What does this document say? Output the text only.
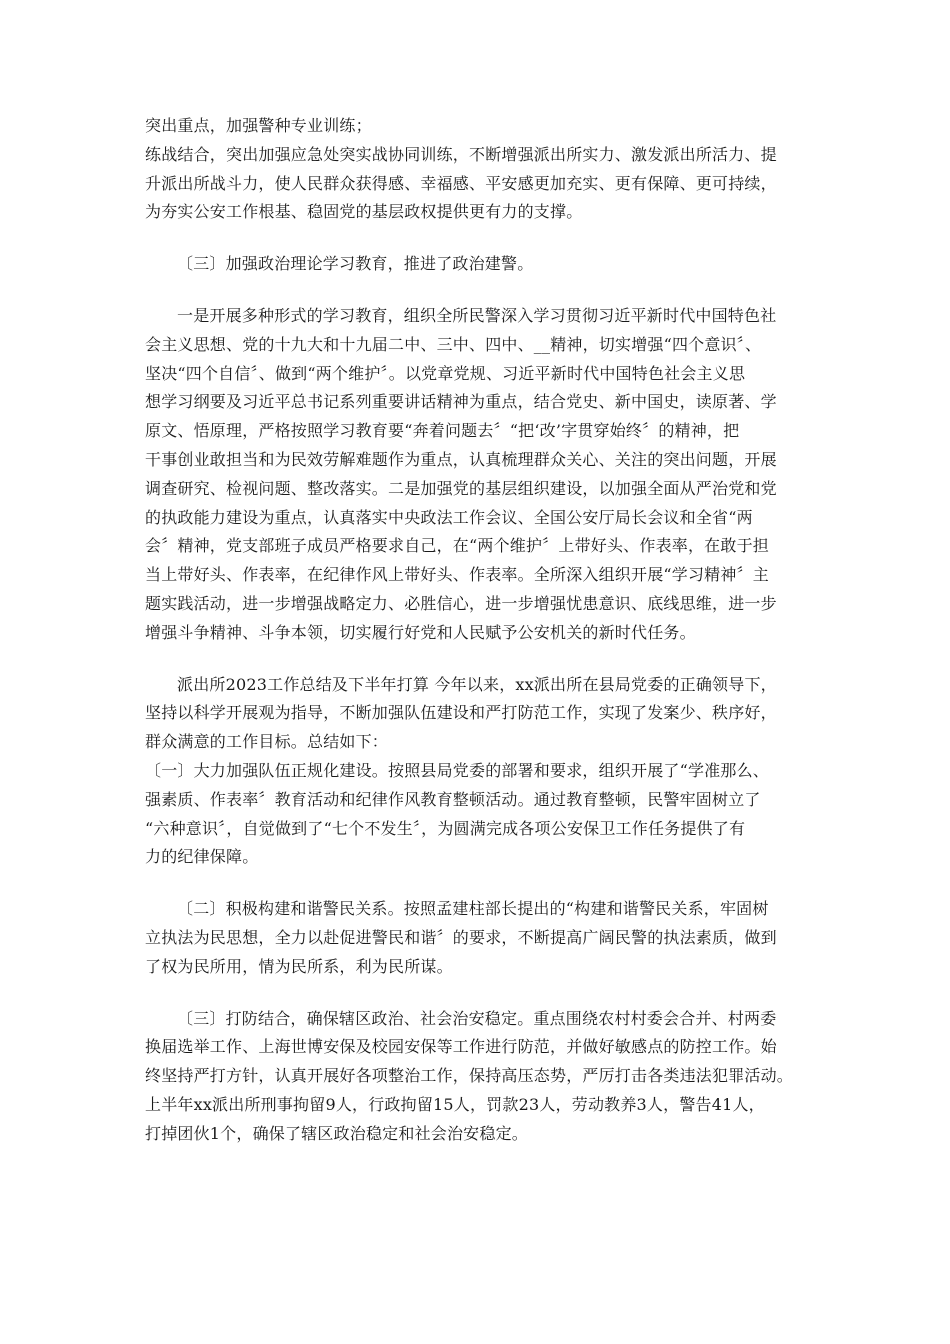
突出重点，加强警种专业训练；
练战结合，突出加强应急处突实战协同训练，不断增强派出所实力、激发派出所活力、提
升派出所战斗力，使人民群众获得感、幸福感、平安感更加充实、更有保障、更可持续，
为夯实公安工作根基、稳固党的基层政权提供更有力的支撑。
〔三〕加强政治理论学习教育，推进了政治建警。
一是开展多种形式的学习教育，组织全所民警深入学习贯彻习近平新时代中国特色社
会主义思想、党的十九大和十九届二中、三中、四中、__精神，切实增强“四个意识〞、
坚决“四个自信〞、做到“两个维护〞。以党章党规、习近平新时代中国特色社会主义思
想学习纲要及习近平总书记系列重要讲话精神为重点，结合党史、新中国史，读原著、学
原文、悟原理，严格按照学习教育要“奔着问题去〞“把‘改’字贯穿始终〞的精神，把
干事创业敢担当和为民效劳解难题作为重点，认真梳理群众关心、关注的突出问题，开展
调查研究、检视问题、整改落实。二是加强党的基层组织建设，以加强全面从严治党和党
的执政能力建设为重点，认真落实中央政法工作会议、全国公安厅局长会议和全省“两
会〞精神，党支部班子成员严格要求自己，在“两个维护〞上带好头、作表率，在敢于担
当上带好头、作表率，在纪律作风上带好头、作表率。全所深入组织开展“学习精神〞主
题实践活动，进一步增强战略定力、必胜信心，进一步增强忧患意识、底线思维，进一步
增强斗争精神、斗争本领，切实履行好党和人民赋予公安机关的新时代任务。
派出所2023工作总结及下半年打算 今年以来，xx派出所在县局党委的正确领导下，
坚持以科学开展观为指导，不断加强队伍建设和严打防范工作，实现了发案少、秩序好，
群众满意的工作目标。总结如下：
〔一〕大力加强队伍正规化建设。按照县局党委的部署和要求，组织开展了“学准那么、
强素质、作表率〞教育活动和纪律作风教育整顿活动。通过教育整顿，民警牢固树立了
“六种意识〞，自觉做到了“七个不发生〞，为圆满完成各项公安保卫工作任务提供了有
力的纪律保障。
〔二〕积极构建和谐警民关系。按照孟建柱部长提出的“构建和谐警民关系，牢固树
立执法为民思想，全力以赴促进警民和谐〞的要求，不断提高广阔民警的执法素质，做到
了权为民所用，情为民所系，利为民所谋。
〔三〕打防结合，确保辖区政治、社会治安稳定。重点围绕农村村委会合并、村两委
换届选举工作、上海世博安保及校园安保等工作进行防范，并做好敏感点的防控工作。始
终坚持严打方针，认真开展好各项整治工作，保持高压态势，严厉打击各类违法犯罪活动。
上半年xx派出所刑事拘留9人，行政拘留15人，罚款23人，劳动教养3人，警告41人，
打掉团伙1个，确保了辖区政治稳定和社会治安稳定。
